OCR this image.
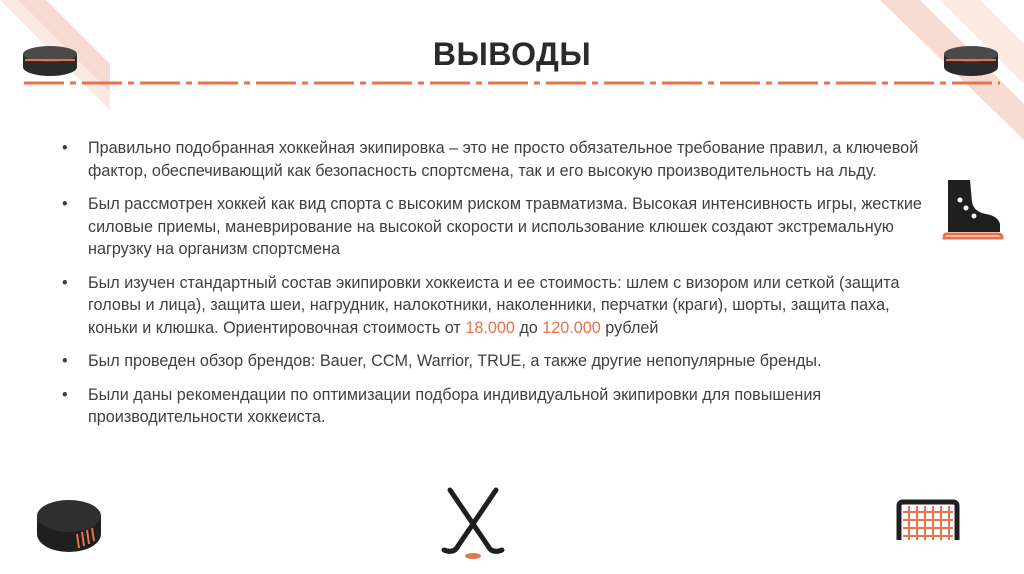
ВЫВОДЫ
• Правильно подобранная хоккейная экипировка – это не просто обязательное требование правил, а ключевой фактор, обеспечивающий как безопасность спортсмена, так и его высокую производительность на льду.
• Был рассмотрен хоккей как вид спорта с высоким риском травматизма. Высокая интенсивность игры, жесткие силовые приемы, маневрирование на высокой скорости и использование клюшек создают экстремальную нагрузку на организм спортсмена
• Был изучен стандартный состав экипировки хоккеиста и ее стоимость: шлем с визором или сеткой (защита головы и лица), защита шеи, нагрудник, налокотники, наколенники, перчатки (краги), шорты, защита паха, коньки и клюшка. Ориентировочная стоимость от 18.000 до 120.000 рублей
• Был проведен обзор брендов: Bauer, CCM, Warrior, TRUE, а также другие непопулярные бренды.
• Были даны рекомендации по оптимизации подбора индивидуальной экипировки для повышения производительности хоккеиста.
